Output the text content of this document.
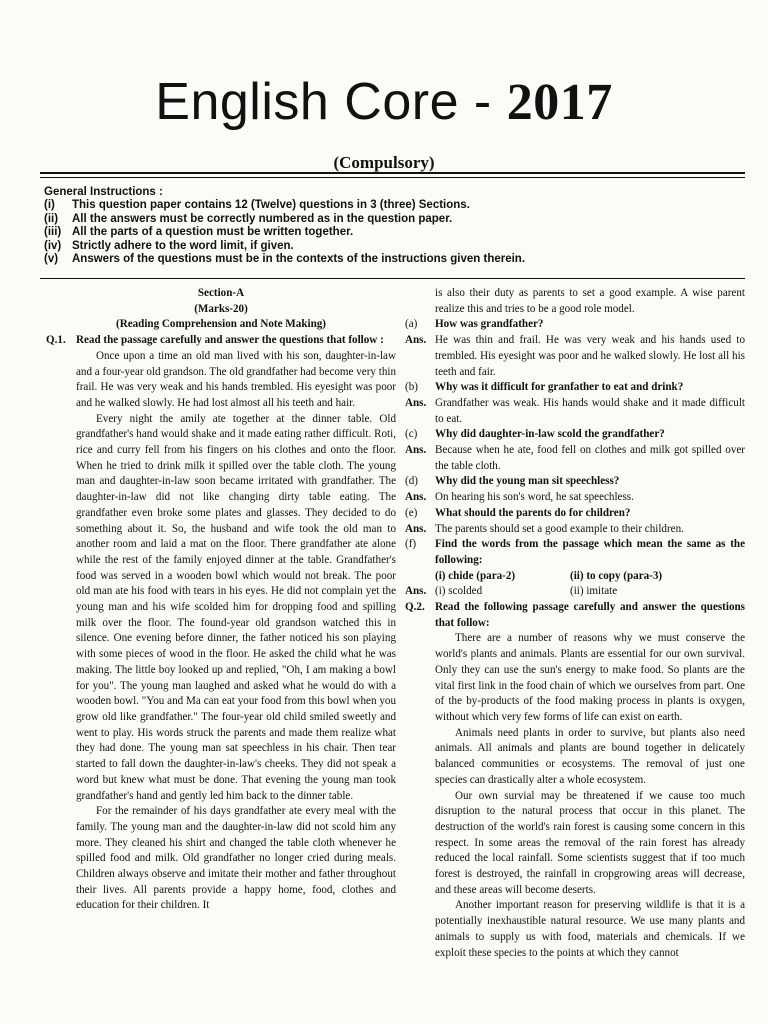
English Core - 2017
(Compulsory)
General Instructions :
(i)	This question paper contains 12 (Twelve) questions in 3 (three) Sections.
(ii)	All the answers must be correctly numbered as in the question paper.
(iii) All the parts of a question must be written together.
(iv) Strictly adhere to the word limit, if given.
(v)	Answers of the questions must be in the contexts of the instructions given therein.
Section-A
(Marks-20)
(Reading Comprehension and Note Making)
Q.1. Read the passage carefully and answer the questions that follow :

Once upon a time an old man lived with his son, daughter-in-law and a four-year old grandson. The old grandfather had become very thin frail. He was very weak and his hands trembled. His eyesight was poor and he walked slowly. He had lost almost all his teeth and hair.

Every night the amily ate together at the dinner table. Old grandfather's hand would shake and it made eating rather difficult. Roti, rice and curry fell from his fingers on his clothes and onto the floor. When he tried to drink milk it spilled over the table cloth. The young man and daughter-in-law soon became irritated with grandfather. The daughter-in-law did not like changing dirty table eating. The grandfather even broke some plates and glasses. They decided to do something about it. So, the husband and wife took the old man to another room and laid a mat on the floor. There grandfather ate alone while the rest of the family enjoyed dinner at the table. Grandfather's food was served in a wooden bowl which would not break. The poor old man ate his food with tears in his eyes. He did not complain yet the young man and his wife scolded him for dropping food and spilling milk over the floor. The found-year old grandson watched this in silence. One evening before dinner, the father noticed his son playing with some pieces of wood in the floor. He asked the child what he was making. The little boy looked up and replied, "Oh, I am making a bowl for you". The young man laughed and asked what he would do with a wooden bowl. "You and Ma can eat your food from this bowl when you grow old like grandfather." The four-year old child smiled sweetly and went to play. His words struck the parents and made them realize what they had done. The young man sat speechless in his chair. Then tear started to fall down the daughter-in-law's cheeks. They did not speak a word but knew what must be done. That evening the young man took grandfather's hand and gently led him back to the dinner table.

For the remainder of his days grandfather ate every meal with the family. The young man and the daughter-in-law did not scold him any more. They cleaned his shirt and changed the table cloth whenever he spilled food and milk. Old grandfather no longer cried during meals. Children always observe and imitate their mother and father throughout their lives. All parents provide a happy home, food, clothes and education for their children. It

is also their duty as parents to set a good example. A wise parent realize this and tries to be a good role model.
(a)	How was grandfather?
Ans. He was thin and frail. He was very weak and his hands used to trembled. His eyesight was poor and he walked slowly. He lost all his teeth and fair.
(b)	Why was it difficult for granfather to eat and drink?
Ans. Grandfather was weak. His hands would shake and it made difficult to eat.
(c)	Why did daughter-in-law scold the grandfather?
Ans. Because when he ate, food fell on clothes and milk got spilled over the table cloth.
(d)	Why did the young man sit speechless?
Ans. On hearing his son's word, he sat speechless.
(e)	What should the parents do for children?
Ans. The parents should set a good example to their children.
(f)	Find the words from the passage which mean the same as the following:
(i) chide (para-2)	(ii) to copy (para-3)
Ans. (i) scolded	(ii) imitate
Q.2. Read the following passage carefully and answer the questions that follow:

There are a number of reasons why we must conserve the world's plants and animals. Plants are essential for our own survival. Only they can use the sun's energy to make food. So plants are the vital first link in the food chain of which we ourselves from part. One of the by-products of the food making process in plants is oxygen, without which very few forms of life can exist on earth.

Animals need plants in order to survive, but plants also need animals. All animals and plants are bound together in delicately balanced communities or ecosystems. The removal of just one species can drastically alter a whole ecosystem.

Our own survial may be threatened if we cause too much disruption to the natural process that occur in this planet. The destruction of the world's rain forest is causing some concern in this respect. In some areas the removal of the rain forest has already reduced the local rainfall. Some scientists suggest that if too much forest is destroyed, the rainfall in cropgrowing areas will decrease, and these areas will become deserts.

Another important reason for preserving wildlife is that it is a potentially inexhaustible natural resource. We use many plants and animals to supply us with food, materials and chemicals. If we exploit these species to the points at which they cannot
